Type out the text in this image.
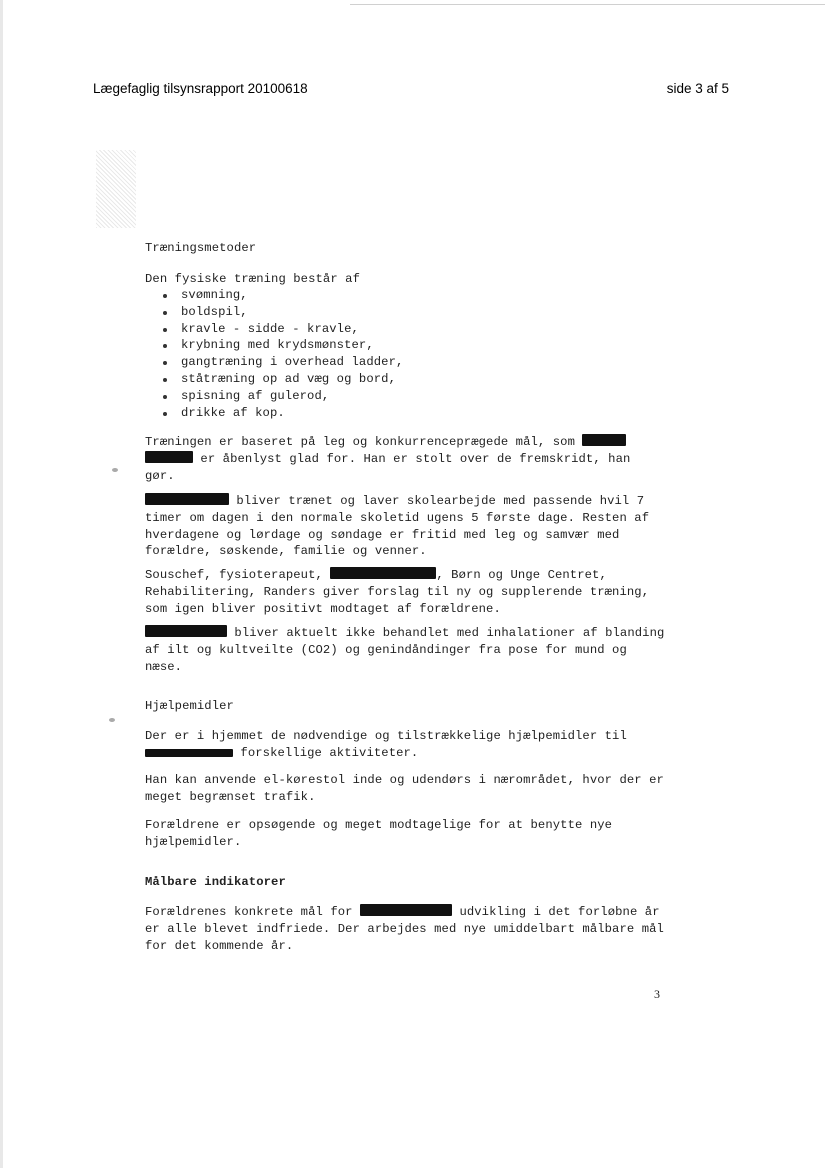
Lægefaglig tilsynsrapport 20100618	side 3 af 5

Træningsmetoder

Den fysiske træning består af

svømning,
boldspil,
kravle - sidde - kravle,
krybning med krydsmønster,
gangtræning i overhead ladder,
ståtræning op ad væg og bord,
spisning af gulerod,
drikke af kop.

Træningen er baseret på leg og konkurrenceprægede mål, som   er åbenlyst glad for. Han er stolt over de fremskridt, han gør.

bliver trænet og laver skolearbejde med passende hvil 7 timer om dagen i den normale skoletid ugens 5 første dage. Resten af hverdagene og lørdage og søndage er fritid med leg og samvær med forældre, søskende, familie og venner.

Souschef, fysioterapeut,	, Børn og Unge Centret, Rehabilitering, Randers giver forslag til ny og supplerende træning, som igen bliver positivt modtaget af forældrene.

bliver aktuelt ikke behandlet med inhalationer af blanding af ilt og kultveilte (CO2) og genindåndinger fra pose for mund og næse.

Hjælpemidler

Der er i hjemmet de nødvendige og tilstrækkelige hjælpemidler til  forskellige aktiviteter.

Han kan anvende el-kørestol inde og udendørs i nærområdet, hvor der er meget begrænset trafik.

Forældrene er opsøgende og meget modtagelige for at benytte nye hjælpemidler.

Målbare indikatorer

Forældrenes konkrete mål for	udvikling i det forløbne år er alle blevet indfriede. Der arbejdes med nye umiddelbart målbare mål for det kommende år.

3
